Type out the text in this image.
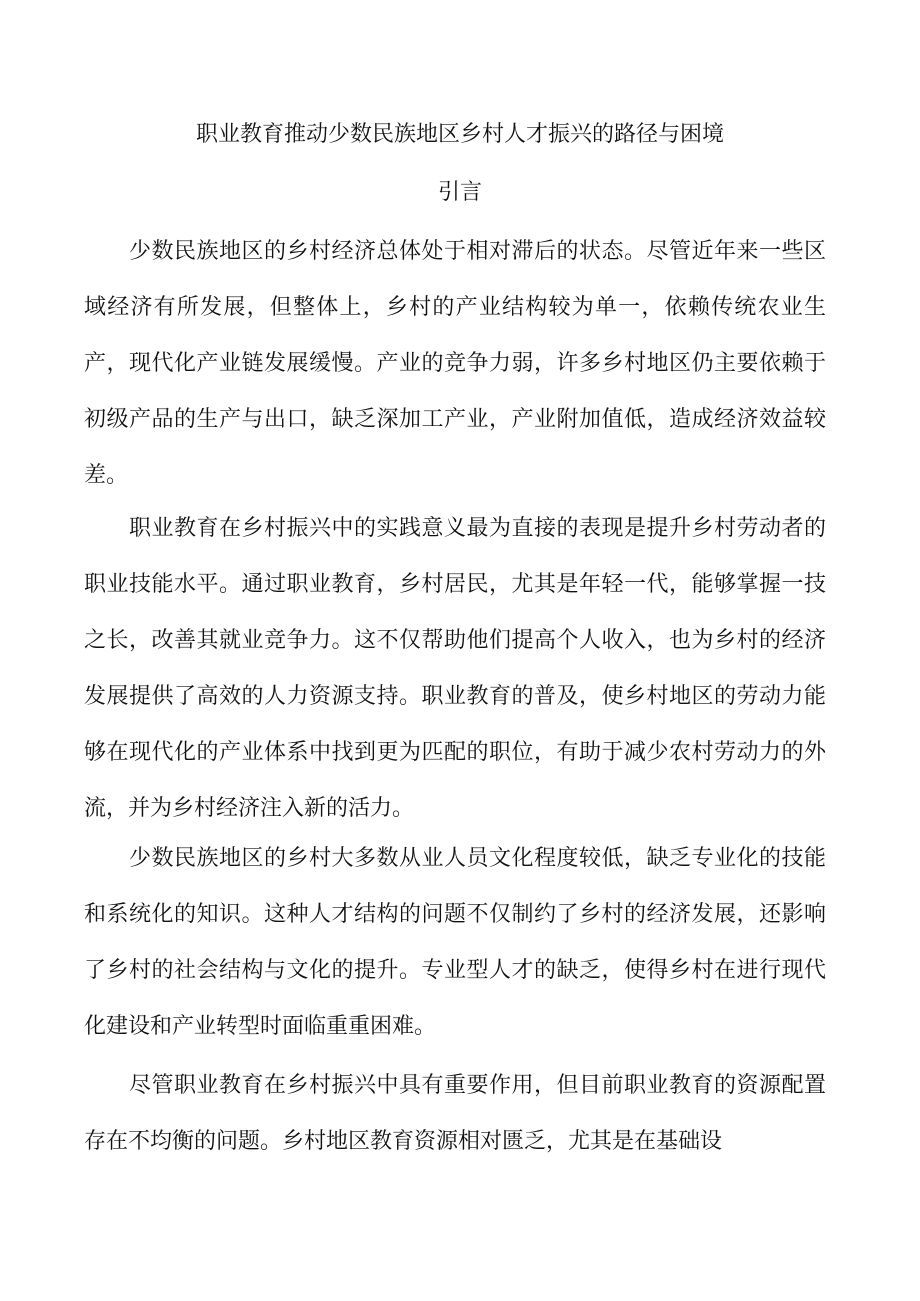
职业教育推动少数民族地区乡村人才振兴的路径与困境
引言

少数民族地区的乡村经济总体处于相对滞后的状态。尽管近年来一些区域经济有所发展，但整体上，乡村的产业结构较为单一，依赖传统农业生产，现代化产业链发展缓慢。产业的竞争力弱，许多乡村地区仍主要依赖于初级产品的生产与出口，缺乏深加工产业，产业附加值低，造成经济效益较差。

职业教育在乡村振兴中的实践意义最为直接的表现是提升乡村劳动者的职业技能水平。通过职业教育，乡村居民，尤其是年轻一代，能够掌握一技之长，改善其就业竞争力。这不仅帮助他们提高个人收入，也为乡村的经济发展提供了高效的人力资源支持。职业教育的普及，使乡村地区的劳动力能够在现代化的产业体系中找到更为匹配的职位，有助于减少农村劳动力的外流，并为乡村经济注入新的活力。

少数民族地区的乡村大多数从业人员文化程度较低，缺乏专业化的技能和系统化的知识。这种人才结构的问题不仅制约了乡村的经济发展，还影响了乡村的社会结构与文化的提升。专业型人才的缺乏，使得乡村在进行现代化建设和产业转型时面临重重困难。

尽管职业教育在乡村振兴中具有重要作用，但目前职业教育的资源配置存在不均衡的问题。乡村地区教育资源相对匮乏，尤其是在基础设
